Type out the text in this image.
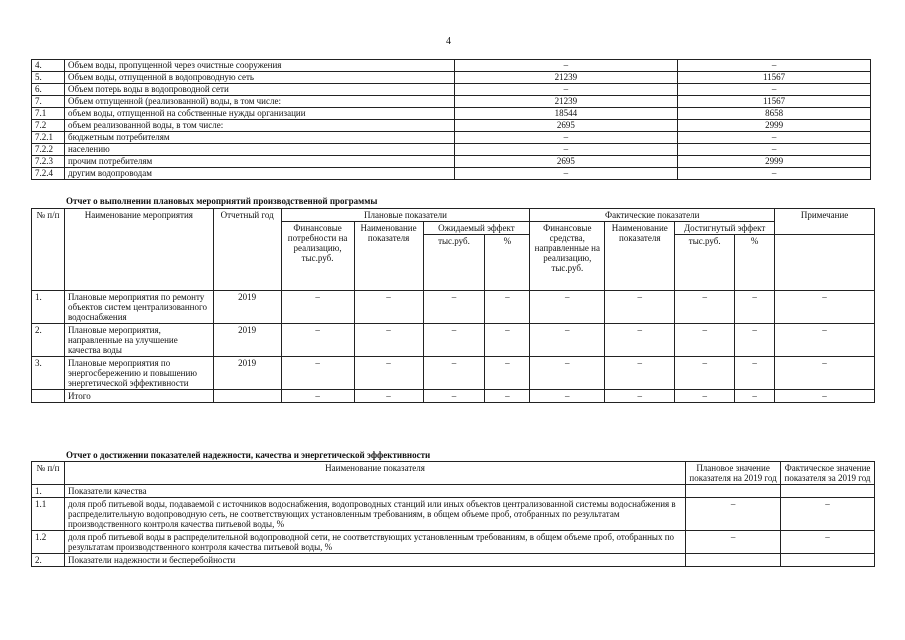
4
4.	Объем воды, пропущенной через очистные сооружения	–	–
5.	Объем воды, отпущенной в водопроводную сеть	21239	11567
6.	Объем потерь воды в водопроводной сети	–	–
7.	Объем отпущенной (реализованной) воды, в том числе:	21239	11567
7.1	объем воды, отпущенной на собственные нужды организации	18544	8658
7.2	объем реализованной воды, в том числе:	2695	2999
7.2.1	бюджетным потребителям	–	–
7.2.2	населению	–	–
7.2.3	прочим потребителям	2695	2999
7.2.4	другим водопроводам	–	–
Отчет о выполнении плановых мероприятий производственной программы
№ п/п	Наименование мероприятия	Отчетный год	Плановые показатели				Фактические показатели				Примечание
			Финансовые потребности на реализацию, тыс.руб.	Наименование показателя	Ожидаемый эффект		Финансовые средства, направленные на реализацию, тыс.руб.	Наименование показателя	Достигнутый эффект		
					тыс.руб.	%			тыс.руб.	%	
1.	Плановые мероприятия по ремонту объектов систем централизованного водоснабжения	2019	–	–	–	–	–	–	–	–	–
2.	Плановые мероприятия, направленные на улучшение качества воды	2019	–	–	–	–	–	–	–	–	–
3.	Плановые мероприятия по энергосбережению и повышению энергетической эффективности	2019	–	–	–	–	–	–	–	–	–
	Итого		–	–	–	–	–	–	–	–	–
Отчет о достижении показателей надежности, качества и энергетической эффективности
№ п/п	Наименование показателя	Плановое значение показателя на 2019 год	Фактическое значение показателя за 2019 год
1.	Показатели качества		
1.1	доля проб питьевой воды, подаваемой с источников водоснабжения, водопроводных станций или иных объектов централизованной системы водоснабжения в распределительную водопроводную сеть, не соответствующих установленным требованиям, в общем объеме проб, отобранных по результатам производственного контроля качества питьевой воды, %	–	–
1.2	доля проб питьевой воды в распределительной водопроводной сети, не соответствующих установленным требованиям, в общем объеме проб, отобранных по результатам производственного контроля качества питьевой воды, %	–	–
2.	Показатели надежности и бесперебойности		
